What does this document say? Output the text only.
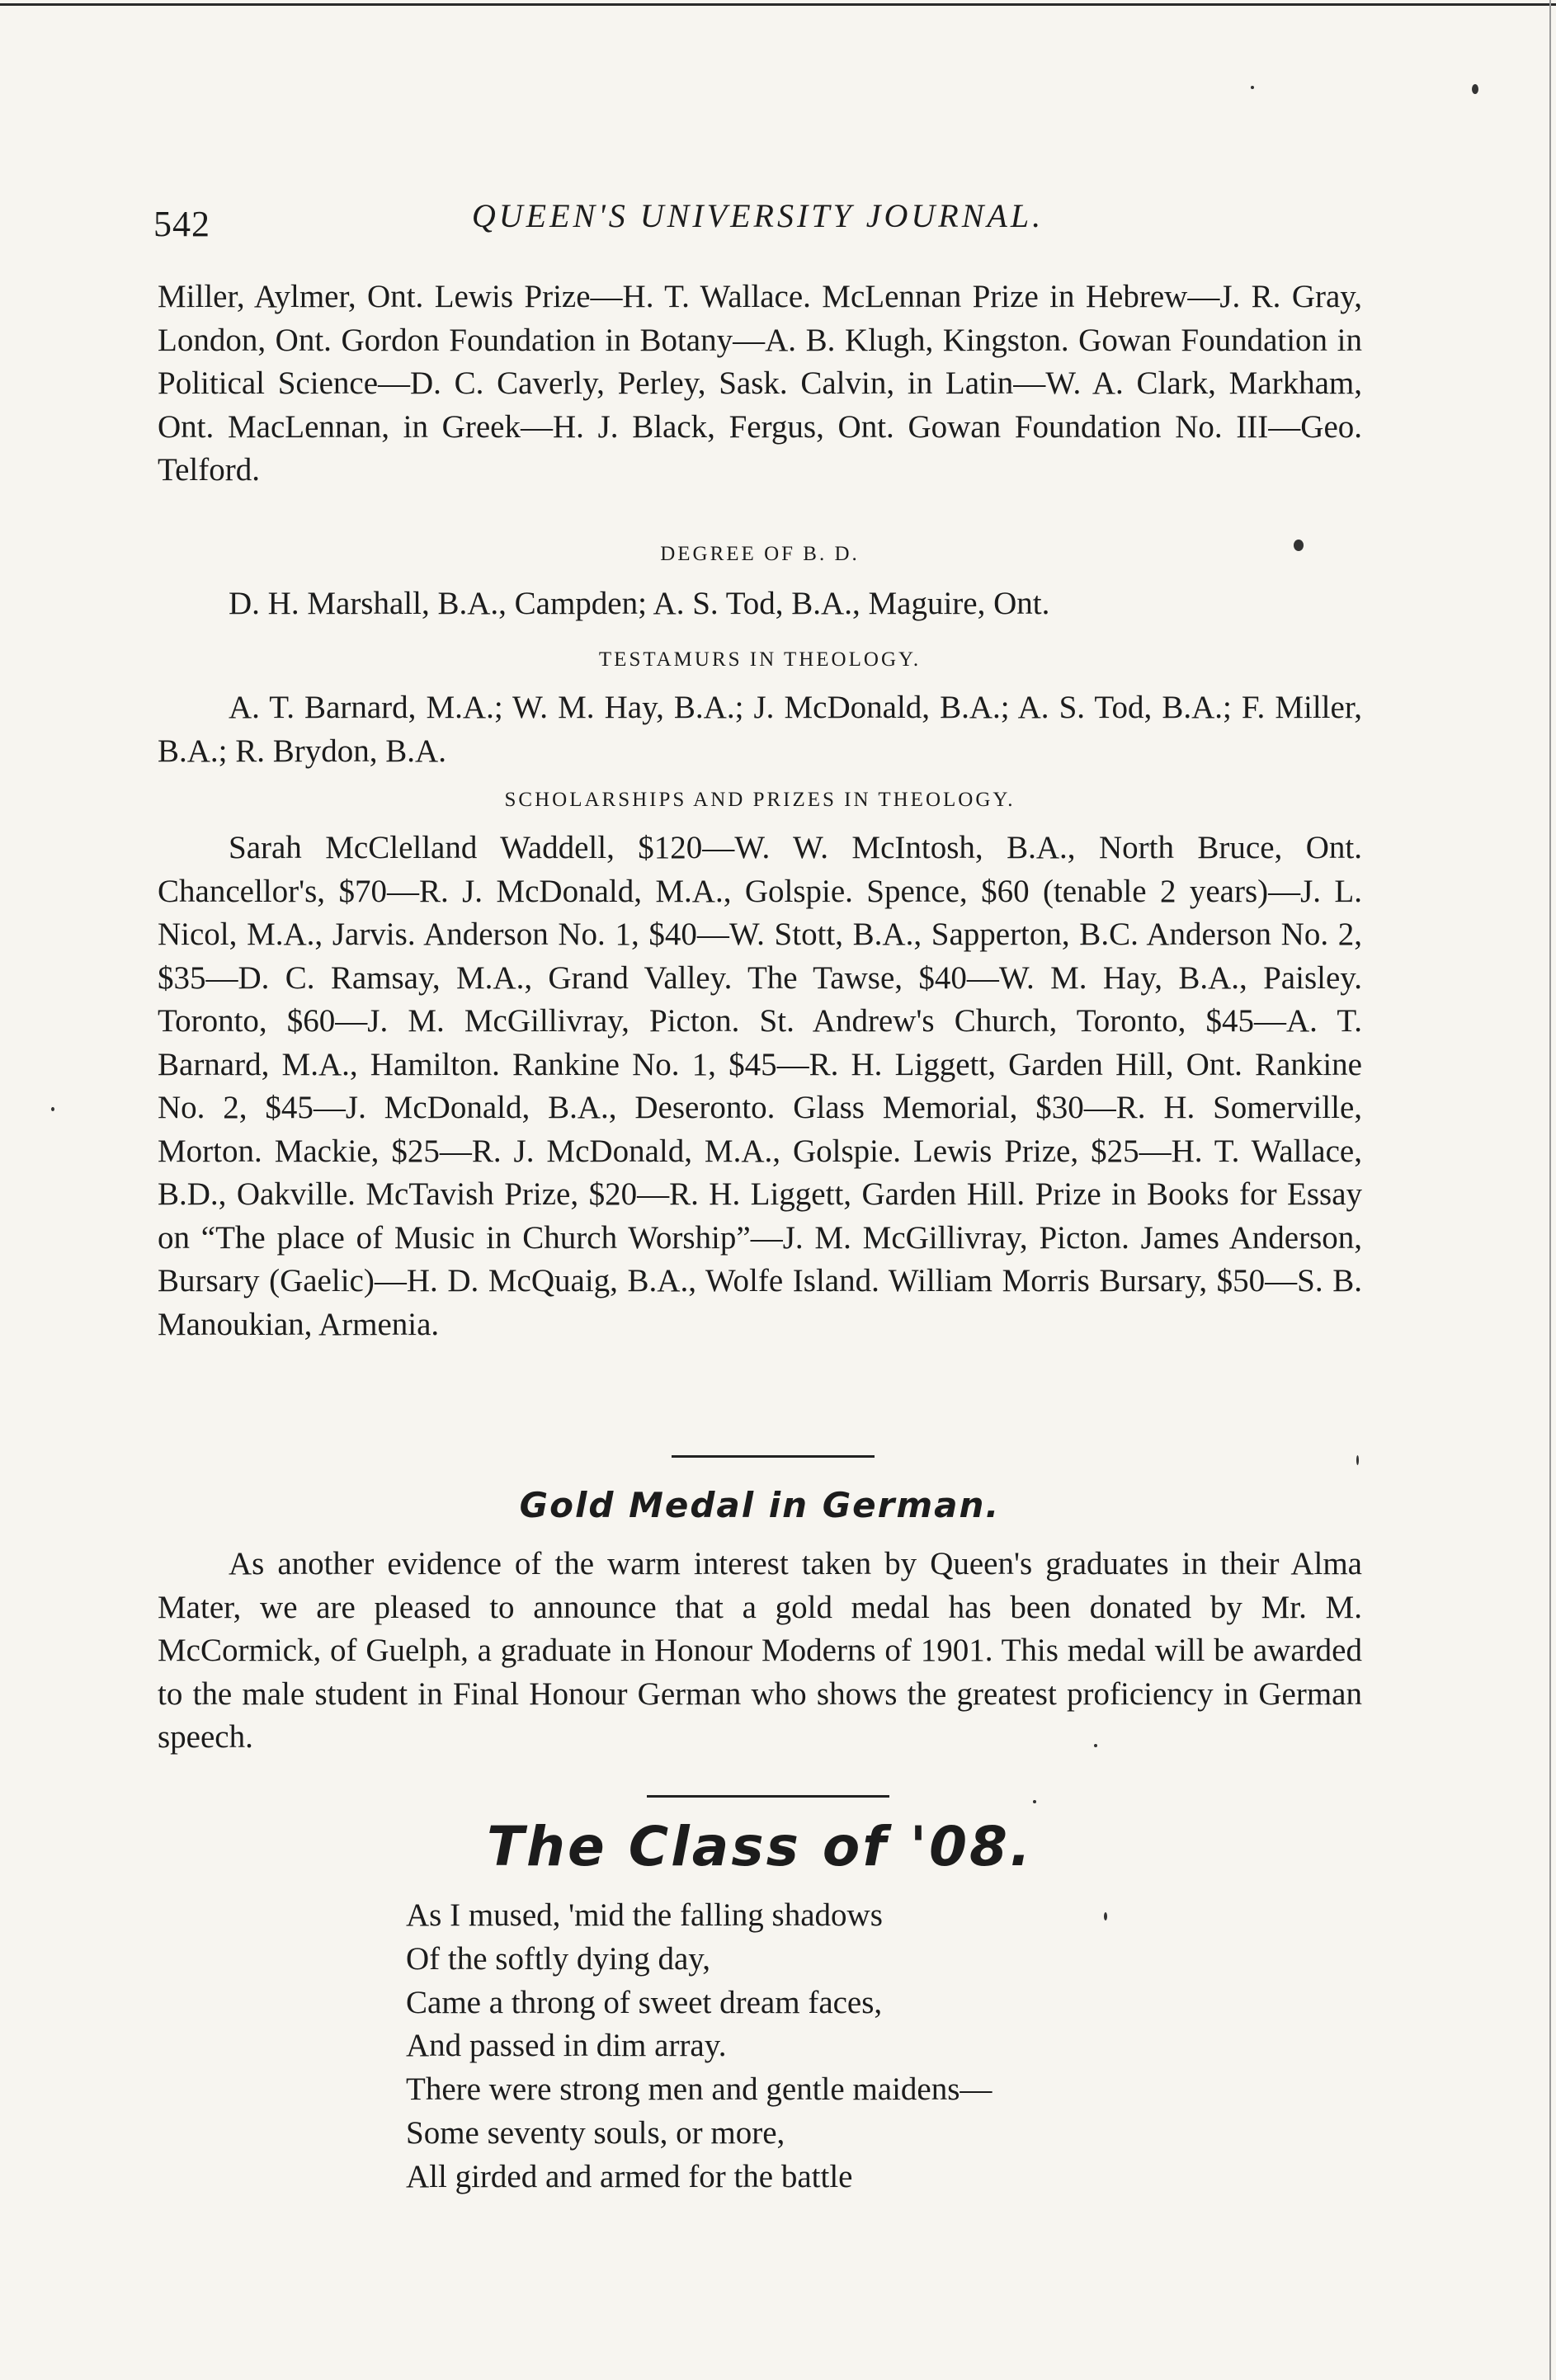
542	QUEEN'S UNIVERSITY JOURNAL.
Miller, Aylmer, Ont. Lewis Prize—H. T. Wallace. McLennan Prize in Hebrew—J. R. Gray, London, Ont. Gordon Foundation in Botany—A. B. Klugh, Kingston. Gowan Foundation in Political Science—D. C. Caverly, Perley, Sask. Calvin, in Latin—W. A. Clark, Markham, Ont. MacLennan, in Greek—H. J. Black, Fergus, Ont. Gowan Foundation No. III—Geo. Telford.
DEGREE OF B. D.
D. H. Marshall, B.A., Campden; A. S. Tod, B.A., Maguire, Ont.
TESTAMURS IN THEOLOGY.
A. T. Barnard, M.A.; W. M. Hay, B.A.; J. McDonald, B.A.; A. S. Tod, B.A.; F. Miller, B.A.; R. Brydon, B.A.
SCHOLARSHIPS AND PRIZES IN THEOLOGY.
Sarah McClelland Waddell, $120—W. W. McIntosh, B.A., North Bruce, Ont. Chancellor's, $70—R. J. McDonald, M.A., Golspie. Spence, $60 (tenable 2 years)—J. L. Nicol, M.A., Jarvis. Anderson No. 1, $40—W. Stott, B.A., Sapperton, B.C. Anderson No. 2, $35—D. C. Ramsay, M.A., Grand Valley. The Tawse, $40—W. M. Hay, B.A., Paisley. Toronto, $60—J. M. McGillivray, Picton. St. Andrew's Church, Toronto, $45—A. T. Barnard, M.A., Hamilton. Rankine No. 1, $45—R. H. Liggett, Garden Hill, Ont. Rankine No. 2, $45—J. McDonald, B.A., Deseronto. Glass Memorial, $30—R. H. Somerville, Morton. Mackie, $25—R. J. McDonald, M.A., Golspie. Lewis Prize, $25—H. T. Wallace, B.D., Oakville. McTavish Prize, $20—R. H. Liggett, Garden Hill. Prize in Books for Essay on “The place of Music in Church Worship”—J. M. McGillivray, Picton. James Anderson, Bursary (Gaelic)—H. D. McQuaig, B.A., Wolfe Island. William Morris Bursary, $50—S. B. Manoukian, Armenia.
Gold Medal in German.
As another evidence of the warm interest taken by Queen's graduates in their Alma Mater, we are pleased to announce that a gold medal has been donated by Mr. M. McCormick, of Guelph, a graduate in Honour Moderns of 1901. This medal will be awarded to the male student in Final Honour German who shows the greatest proficiency in German speech.
The Class of '08.
As I mused, 'mid the falling shadows
Of the softly dying day,
Came a throng of sweet dream faces,
And passed in dim array.
There were strong men and gentle maidens—
Some seventy souls, or more,
All girded and armed for the battle
